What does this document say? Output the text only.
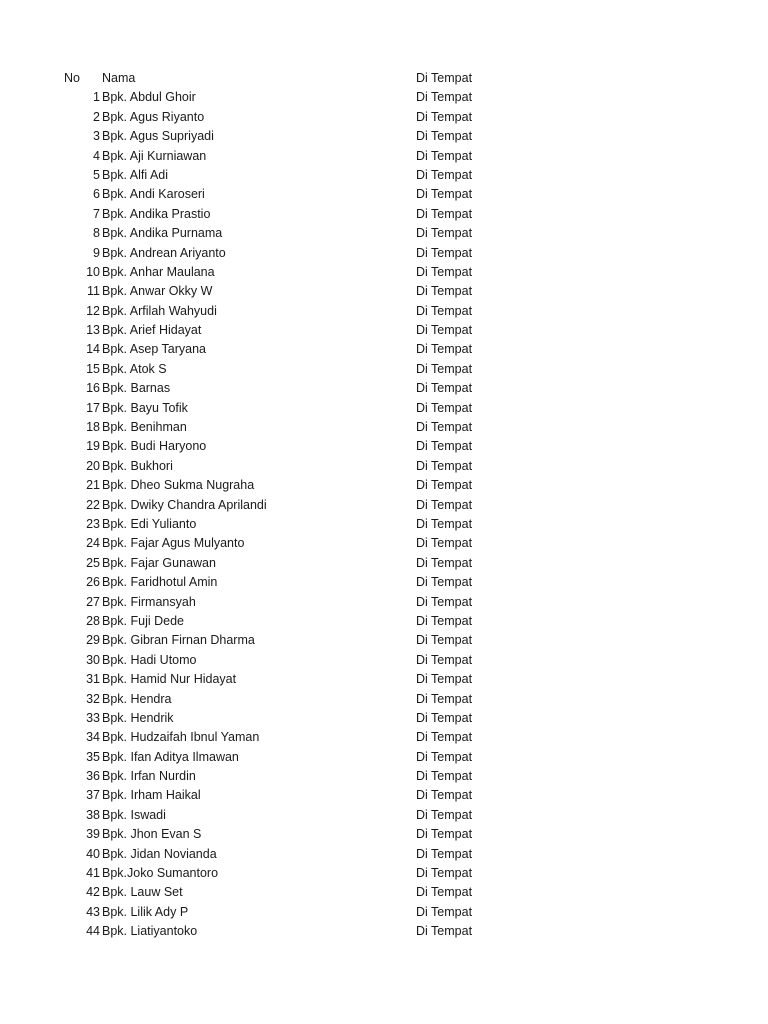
No Nama	Di Tempat
1 Bpk. Abdul Ghoir	Di Tempat
2 Bpk. Agus Riyanto	Di Tempat
3 Bpk. Agus Supriyadi	Di Tempat
4 Bpk. Aji Kurniawan	Di Tempat
5 Bpk. Alfi Adi	Di Tempat
6 Bpk. Andi Karoseri	Di Tempat
7 Bpk. Andika Prastio	Di Tempat
8 Bpk. Andika Purnama	Di Tempat
9 Bpk. Andrean Ariyanto	Di Tempat
10 Bpk. Anhar Maulana	Di Tempat
11 Bpk. Anwar Okky W	Di Tempat
12 Bpk. Arfilah Wahyudi	Di Tempat
13 Bpk. Arief Hidayat	Di Tempat
14 Bpk. Asep Taryana	Di Tempat
15 Bpk. Atok S	Di Tempat
16 Bpk. Barnas	Di Tempat
17 Bpk. Bayu Tofik	Di Tempat
18 Bpk. Benihman	Di Tempat
19 Bpk. Budi Haryono	Di Tempat
20 Bpk. Bukhori	Di Tempat
21 Bpk. Dheo Sukma Nugraha	Di Tempat
22 Bpk. Dwiky Chandra Aprilandi	Di Tempat
23 Bpk. Edi Yulianto	Di Tempat
24 Bpk. Fajar Agus Mulyanto	Di Tempat
25 Bpk. Fajar Gunawan	Di Tempat
26 Bpk. Faridhotul Amin	Di Tempat
27 Bpk. Firmansyah	Di Tempat
28 Bpk. Fuji Dede	Di Tempat
29 Bpk. Gibran Firnan Dharma	Di Tempat
30 Bpk. Hadi Utomo	Di Tempat
31 Bpk. Hamid Nur Hidayat	Di Tempat
32 Bpk. Hendra	Di Tempat
33 Bpk. Hendrik	Di Tempat
34 Bpk. Hudzaifah Ibnul Yaman	Di Tempat
35 Bpk. Ifan Aditya Ilmawan	Di Tempat
36 Bpk. Irfan Nurdin	Di Tempat
37 Bpk. Irham Haikal	Di Tempat
38 Bpk. Iswadi	Di Tempat
39 Bpk. Jhon Evan S	Di Tempat
40 Bpk. Jidan Novianda	Di Tempat
41 Bpk.Joko Sumantoro	Di Tempat
42 Bpk. Lauw Set	Di Tempat
43 Bpk. Lilik Ady P	Di Tempat
44 Bpk. Liatiyantoko	Di Tempat
